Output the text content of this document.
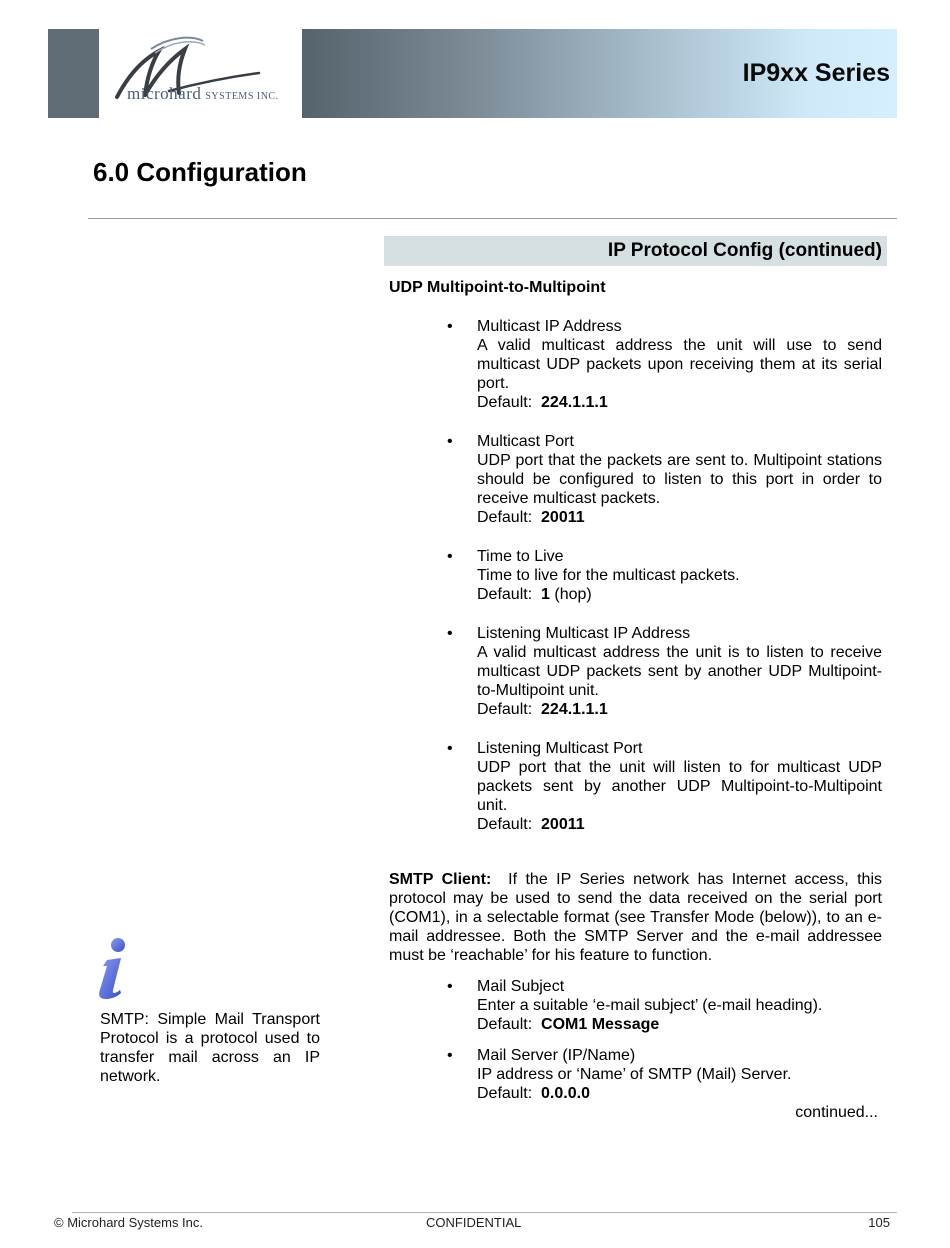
microhard SYSTEMS INC.
IP9xx Series
6.0 Configuration
IP Protocol Config (continued)

UDP Multipoint-to-Multipoint

• Multicast IP Address

A valid multicast address the unit will use to send multicast UDP packets upon receiving them at its serial port.

Default: 224.1.1.1

• Multicast Port

UDP port that the packets are sent to. Multipoint stations should be configured to listen to this port in order to receive multicast packets.

Default: 20011

• Time to Live

Time to live for the multicast packets.

Default: 1 (hop)

• Listening Multicast IP Address

A valid multicast address the unit is to listen to receive multicast UDP packets sent by another UDP Multipoint-to-Multipoint unit.

Default: 224.1.1.1

• Listening Multicast Port

UDP port that the unit will listen to for multicast UDP packets sent by another UDP Multipoint-to-Multipoint unit.

Default: 20011

SMTP Client: If the IP Series network has Internet access, this protocol may be used to send the data received on the serial port (COM1), in a selectable format (see Transfer Mode (below)), to an e-mail addressee. Both the SMTP Server and the e-mail addressee must be ‘reachable’ for his feature to function.

• Mail Subject

Enter a suitable ‘e-mail subject’ (e-mail heading).

Default: COM1 Message

• Mail Server (IP/Name)

IP address or ‘Name’ of SMTP (Mail) Server.

Default: 0.0.0.0

continued...

SMTP: Simple Mail Transport Protocol is a protocol used to transfer mail across an IP network.

© Microhard Systems Inc.	CONFIDENTIAL	105
